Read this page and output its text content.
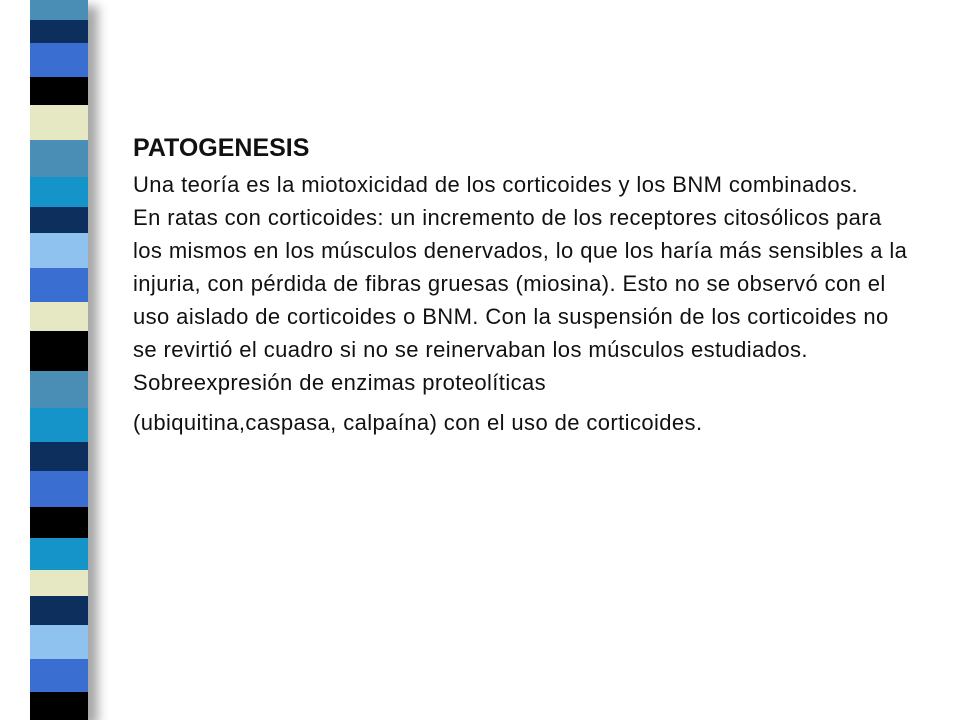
PATOGENESIS

Una teoría es la miotoxicidad de los corticoides y los BNM combinados.

En ratas con corticoides: un incremento de los receptores citosólicos para los mismos en los músculos denervados, lo que los haría más sensibles a la injuria, con pérdida de fibras gruesas (miosina). Esto no se observó con el uso aislado de corticoides o BNM. Con la suspensión de los corticoides no se revirtió el cuadro si no se reinervaban los músculos estudiados.

Sobreexpresión de enzimas proteolíticas

(ubiquitina,caspasa, calpaína) con el uso de corticoides.
